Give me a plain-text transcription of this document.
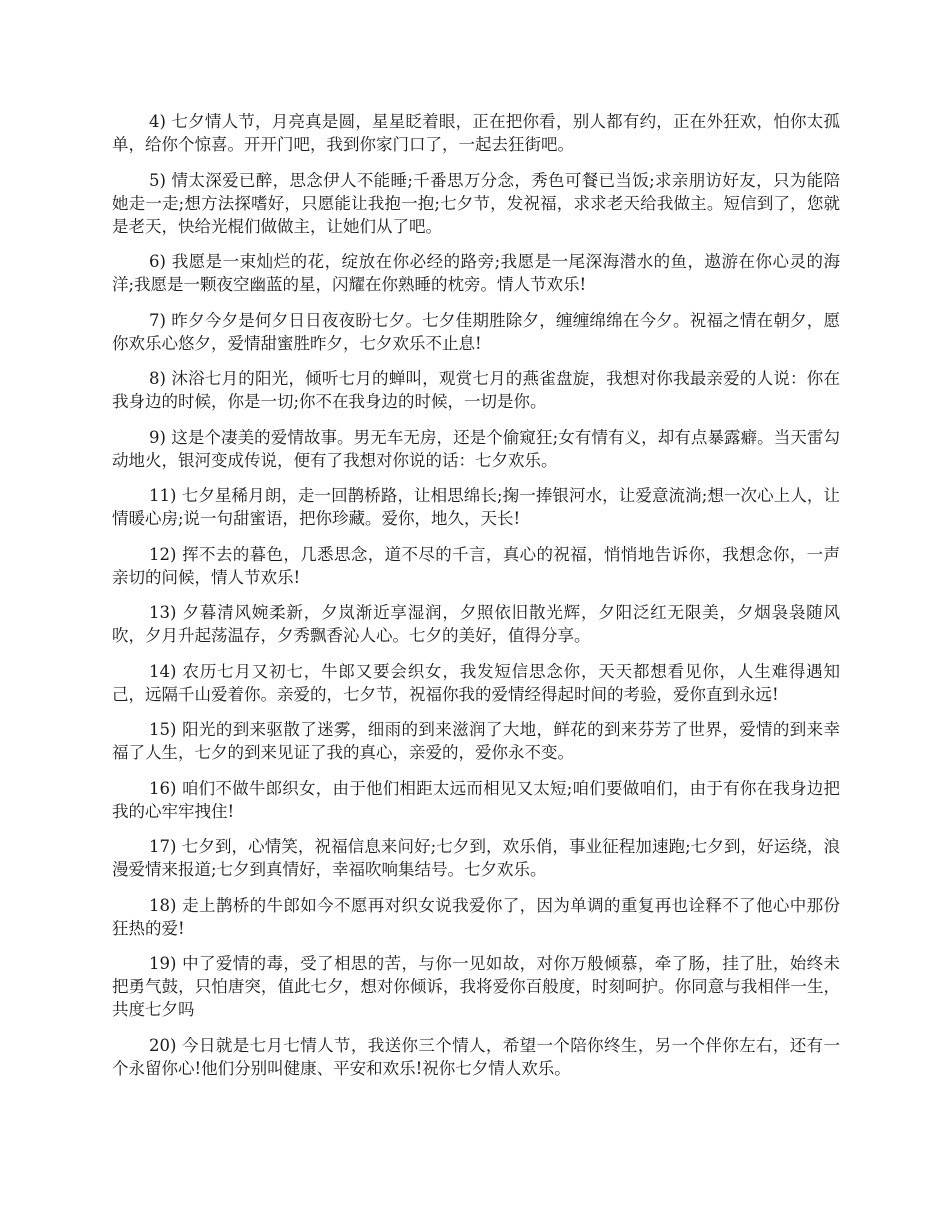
4) 七夕情人节，月亮真是圆，星星眨着眼，正在把你看，别人都有约，正在外狂欢，怕你太孤单，给你个惊喜。开开门吧，我到你家门口了，一起去狂街吧。

5) 情太深爱已醉，思念伊人不能睡;千番思万分念，秀色可餐已当饭;求亲朋访好友，只为能陪她走一走;想方法探嗜好，只愿能让我抱一抱;七夕节，发祝福，求求老天给我做主。短信到了，您就是老天，快给光棍们做做主，让她们从了吧。

6) 我愿是一束灿烂的花，绽放在你必经的路旁;我愿是一尾深海潜水的鱼，遨游在你心灵的海洋;我愿是一颗夜空幽蓝的星，闪耀在你熟睡的枕旁。情人节欢乐!

7) 昨夕今夕是何夕日日夜夜盼七夕。七夕佳期胜除夕，缠缠绵绵在今夕。祝福之情在朝夕，愿你欢乐心悠夕，爱情甜蜜胜昨夕，七夕欢乐不止息!

8) 沐浴七月的阳光，倾听七月的蝉叫，观赏七月的燕雀盘旋，我想对你我最亲爱的人说：你在我身边的时候，你是一切;你不在我身边的时候，一切是你。

9) 这是个凄美的爱情故事。男无车无房，还是个偷窥狂;女有情有义，却有点暴露癖。当天雷勾动地火，银河变成传说，便有了我想对你说的话：七夕欢乐。

11) 七夕星稀月朗，走一回鹊桥路，让相思绵长;掬一捧银河水，让爱意流淌;想一次心上人，让情暖心房;说一句甜蜜语，把你珍藏。爱你，地久，天长!

12) 挥不去的暮色，几悉思念，道不尽的千言，真心的祝福，悄悄地告诉你，我想念你，一声亲切的问候，情人节欢乐!

13) 夕暮清风婉柔新，夕岚渐近享湿润，夕照依旧散光辉，夕阳泛红无限美，夕烟袅袅随风吹，夕月升起荡温存，夕秀飘香沁人心。七夕的美好，值得分享。

14) 农历七月又初七，牛郎又要会织女，我发短信思念你，天天都想看见你，人生难得遇知己，远隔千山爱着你。亲爱的，七夕节，祝福你我的爱情经得起时间的考验，爱你直到永远!

15) 阳光的到来驱散了迷雾，细雨的到来滋润了大地，鲜花的到来芬芳了世界，爱情的到来幸福了人生，七夕的到来见证了我的真心，亲爱的，爱你永不变。

16) 咱们不做牛郎织女，由于他们相距太远而相见又太短;咱们要做咱们，由于有你在我身边把我的心牢牢拽住!

17) 七夕到，心情笑，祝福信息来问好;七夕到，欢乐俏，事业征程加速跑;七夕到，好运绕，浪漫爱情来报道;七夕到真情好，幸福吹响集结号。七夕欢乐。

18) 走上鹊桥的牛郎如今不愿再对织女说我爱你了，因为单调的重复再也诠释不了他心中那份狂热的爱!

19) 中了爱情的毒，受了相思的苦，与你一见如故，对你万般倾慕，牵了肠，挂了肚，始终未把勇气鼓，只怕唐突，值此七夕，想对你倾诉，我将爱你百般度，时刻呵护。你同意与我相伴一生，共度七夕吗

20) 今日就是七月七情人节，我送你三个情人，希望一个陪你终生，另一个伴你左右，还有一个永留你心!他们分别叫健康、平安和欢乐!祝你七夕情人欢乐。
